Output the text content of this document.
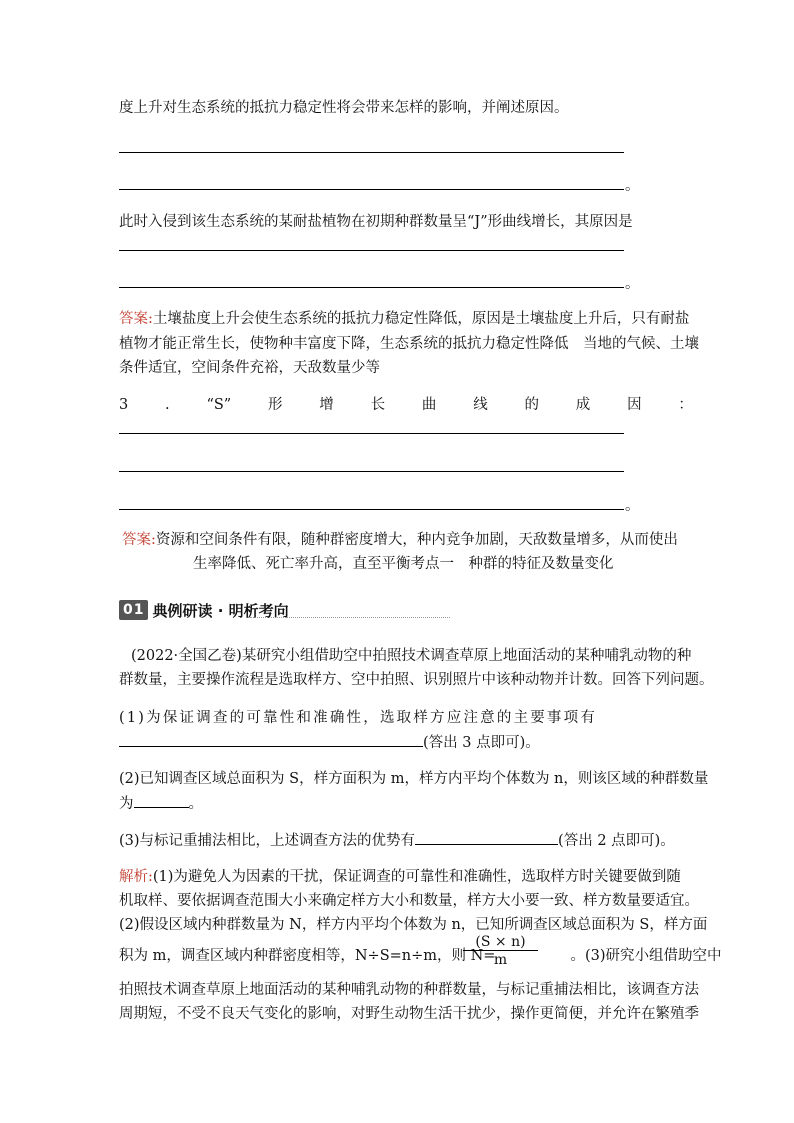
度上升对生态系统的抵抗力稳定性将会带来怎样的影响，并阐述原因。
。
此时入侵到该生态系统的某耐盐植物在初期种群数量呈“J”形曲线增长，其原因是
。
答案:土壤盐度上升会使生态系统的抵抗力稳定性降低，原因是土壤盐度上升后，只有耐盐
植物才能正常生长，使物种丰富度下降，生态系统的抵抗力稳定性降低　当地的气候、土壤
条件适宜，空间条件充裕，天敌数量少等
3	.	“S”	形	增	长	曲	线	的	成	因	：
。
答案:资源和空间条件有限，随种群密度增大，种内竞争加剧，天敌数量增多，从而使出
生率降低、死亡率升高，直至平衡考点一　种群的特征及数量变化
01 典例研读 · 明析考向
(2022·全国乙卷)某研究小组借助空中拍照技术调查草原上地面活动的某种哺乳动物的种
群数量，主要操作流程是选取样方、空中拍照、识别照片中该种动物并计数。回答下列问题。
(1)为保证调查的可靠性和准确性，选取样方应注意的主要事项有
(答出 3 点即可)。
(2)已知调查区域总面积为 S，样方面积为 m，样方内平均个体数为 n，则该区域的种群数量
为	。
(3)与标记重捕法相比，上述调查方法的优势有	(答出 2 点即可)。
解析:(1)为避免人为因素的干扰，保证调查的可靠性和准确性，选取样方时关键要做到随
机取样、要依据调查范围大小来确定样方大小和数量，样方大小要一致、样方数量要适宜。
(2)假设区域内种群数量为 N，样方内平均个体数为 n，已知所调查区域总面积为 S，样方面
积为 m，调查区域内种群密度相等，N÷S=n÷m，则 N=	。(3)研究小组借助空中
$\frac{(S \times n)}{m}$
拍照技术调查草原上地面活动的某种哺乳动物的种群数量，与标记重捕法相比，该调查方法
周期短，不受不良天气变化的影响，对野生动物生活干扰少，操作更简便，并允许在繁殖季
